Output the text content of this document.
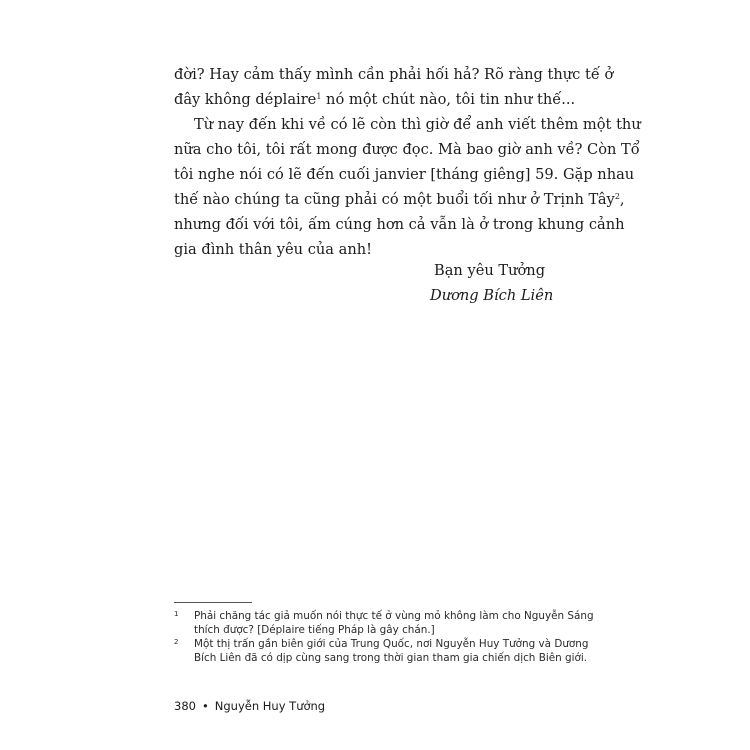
đời? Hay cảm thấy mình cần phải hối hả? Rõ ràng thực tế ở
đây không déplaire$^1$ nó một chút nào, tôi tin như thế...
Từ nay đến khi về có lẽ còn thì giờ để anh viết thêm một thư
nữa cho tôi, tôi rất mong được đọc. Mà bao giờ anh về? Còn Tổ
tôi nghe nói có lẽ đến cuối janvier [tháng giêng] 59. Gặp nhau
thế nào chúng ta cũng phải có một buổi tối như ở Trịnh Tây$^2$,
nhưng đối với tôi, ấm cúng hơn cả vẫn là ở trong khung cảnh
gia đình thân yêu của anh!
Bạn yêu Tưởng
Dương Bích Liên
1 Phải chăng tác giả muốn nói thực tế ở vùng mỏ không làm cho Nguyễn Sáng
thích được? [Déplaire tiếng Pháp là gây chán.]
2 Một thị trấn gần biên giới của Trung Quốc, nơi Nguyễn Huy Tưởng và Dương
Bích Liên đã có dịp cùng sang trong thời gian tham gia chiến dịch Biên giới.
380 • Nguyễn Huy Tưởng
